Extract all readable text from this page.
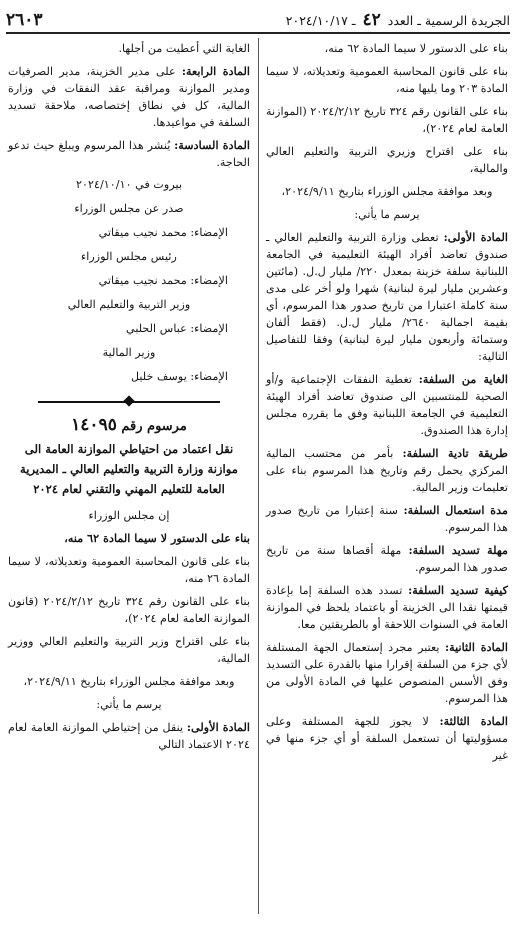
الجريدة الرسمية ـ العدد ٤٢ ـ ٢٠٢٤/١٠/١٧
٢٦٠٣

بناء على الدستور لا سيما المادة ٦٢ منه،

بناء على قانون المحاسبة العمومية وتعديلاته، لا سيما المادة ٢٠٣ وما يليها منه،

بناء على القانون رقم ٣٢٤ تاريخ ٢٠٢٤/٢/١٢ (الموازنة العامة لعام ٢٠٢٤)،

بناء على اقتراح وزيري التربية والتعليم العالي والمالية،

وبعد موافقة مجلس الوزراء بتاريخ ٢٠٢٤/٩/١١،

يرسم ما يأتي:

المادة الأولى: تعطى وزارة التربية والتعليم العالي ـ صندوق تعاضد أفراد الهيئة التعليمية في الجامعة اللبنانية سلفة خزينة بمعدل ٢٢٠/ مليار ل.ل. (مائتين وعشرين مليار ليرة لبنانية) شهرا ولو أخر على مدى سنة كاملة اعتبارا من تاريخ صدور هذا المرسوم، أي بقيمة اجمالية ٢٦٤٠/ مليار ل.ل. (فقط ألفان وستمائة وأربعون مليار ليرة لبنانية) وفقا للتفاصيل التالية:

الغاية من السلفة: تغطية النفقات الإجتماعية و/أو الصحية للمنتسبين الى صندوق تعاضد أفراد الهيئة التعليمية في الجامعة اللبنانية وفق ما يقرره مجلس إدارة هذا الصندوق.

طريقة تادية السلفة: بأمر من محتسب المالية المركزي يحمل رقم وتاريخ هذا المرسوم بناء على تعليمات وزير المالية.

مدة استعمال السلفة: سنة إعتبارا من تاريخ صدور هذا المرسوم.

مهلة تسديد السلفة: مهلة أقصاها سنة من تاريخ صدور هذا المرسوم.

كيفية تسديد السلفة: تسدد هذه السلفة إما بإعادة قيمتها نقدا الى الخزينة أو باعتماد يلحظ في الموازنة العامة في السنوات اللاحقة أو بالطريقتين معا.

المادة الثانية: يعتبر مجرد إستعمال الجهة المستلفة لأي جزء من السلفة إقرارا منها بالقدرة على التسديد وفق الأسس المنصوص عليها في المادة الأولى من هذا المرسوم.

المادة الثالثة: لا يجوز للجهة المستلفة وعلى مسؤوليتها أن تستعمل السلفة أو أي جزء منها في غير

الغاية التي أعطيت من أجلها.

المادة الرابعة: على مدير الخزينة، مدير الصرفيات ومدير الموازنة ومراقبة عقد النفقات في وزارة المالية، كل في نطاق إختصاصه، ملاحقة تسديد السلفة في مواعيدها.

المادة السادسة: يُنشر هذا المرسوم ويبلغ حيث تدعو الحاجة.

بيروت في ٢٠٢٤/١٠/١٠
صدر عن مجلس الوزراء
الإمضاء: محمد نجيب ميقاتي
رئيس مجلس الوزراء
الإمضاء: محمد نجيب ميقاتي
وزير التربية والتعليم العالي
الإمضاء: عباس الحلبي
وزير المالية
الإمضاء: يوسف خليل
مرسوم رقم ١٤٠٩٥
نقل اعتماد من احتياطي الموازنة العامة الى موازنة وزارة التربية والتعليم العالي ـ المديرية العامة للتعليم المهني والتقني لعام ٢٠٢٤

إن مجلس الوزراء

بناء على الدستور لا سيما المادة ٦٢ منه،

بناء على قانون المحاسبة العمومية وتعديلاته، لا سيما المادة ٢٦ منه،

بناء على القانون رقم ٣٢٤ تاريخ ٢٠٢٤/٢/١٢ (قانون الموازنة العامة لعام ٢٠٢٤)،

بناء على اقتراح وزير التربية والتعليم العالي ووزير المالية،

وبعد موافقة مجلس الوزراء بتاريخ ٢٠٢٤/٩/١١،

يرسم ما يأتي:

المادة الأولى: ينقل من إحتياطي الموازنة العامة لعام ٢٠٢٤ الاعتماد التالي
